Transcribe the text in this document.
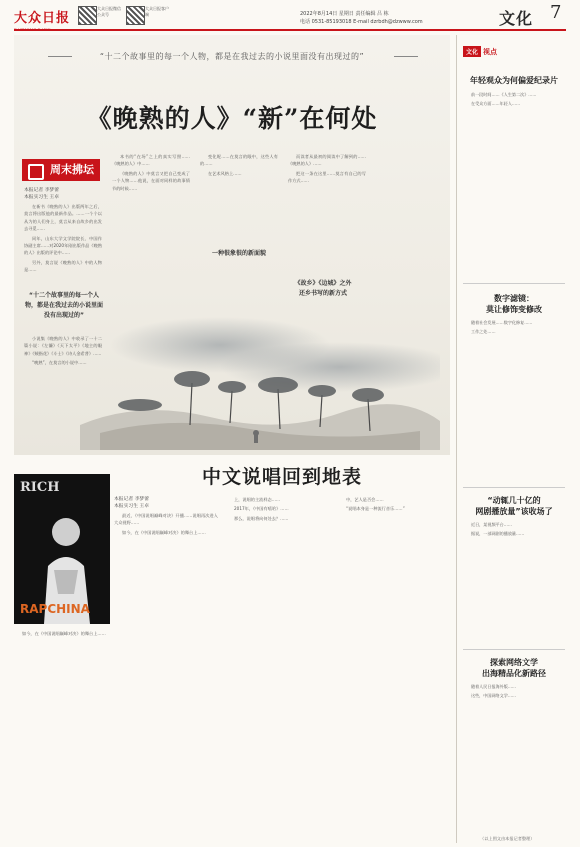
大众日报
大众日报微信公众号
大众日报客户端	2022年8月14日 星期日 责任编辑 吕 栋
电话 0531-85193018 E-mail dzrbdh@dzwww.com	文化 7
“十二个故事里的每一个人物，都是在我过去的小说里面没有出现过的”
《晚熟的人》“新”在何处
周末拂坛
本报记者 李梦蕾
本报实习生 王卓

在新书《晚熟的人》出版两年之后，莫言将出版他的最新作品。……一个个以从为的人们身上，莫言从来自故乡的出发去寻觅……

同年，山东大学文学院院长、中国作协副主席……对2020年刚出版作品《晚熟的人》出版的评论中……

另外，莫言说《晚熟的人》中的人物是……

“十二个故事里的每一个人物，都是在我过去的小说里面没有出现过的”

小说集《晚熟的人》中收录了一十二篇小说：《左镰》《天下太平》《地主的眼神》《贼指花》《斗士》《诗人金希普》……

“晚熟”，在莫言的小说中……

本书的“在场”之上的真实写照……《晚熟的人》中……

《晚熟的人》中莫言又把自己变成了一个人物……他说，在面对同样的故事情节的时候……

一种很象很的新面貌

变化呢……在莫言的眼中，这些人有的……

在艺术风格上……

《故乡》《边城》之外
还乡书写的新方式

而读者从最初的阅读中了解到的……《晚熟的人》……

把这一条在这里……莫言有自己的写作方式……

中文说唱回到地表
RICH
RAPCHINA
本报记者 李梦蕾
本报实习生 王卓

最近，《中国说唱巅峰对决》开播……说唱再次进入大众视野……

如今，在《中国说唱巅峰对决》的舞台上……

上，说唱的主流样态……

2017年，《中国有嘻哈》……

那么，说唱将向何处去？……

中，艺人是否会……

“说唱本身是一种流行音乐……”

如今，在《中国说唱巅峰对决》的舞台上……

文化 视点
年轻观众为何偏爱纪录片

前一段时间……《人生第二次》……

在受众方面……年轻人……

数字滤镜：
莫让修饰变修改

随着社会发展……数字化修复……

工作之处……

“动辄几十亿的
网剧播放量”该收场了

近日，某视频平台……

据说，一部网剧的播放量……

探索网络文学
出海精品化新路径

随着人民日报海外版……

这些，中国网络文学……

（以上图文由本报记者整理）
